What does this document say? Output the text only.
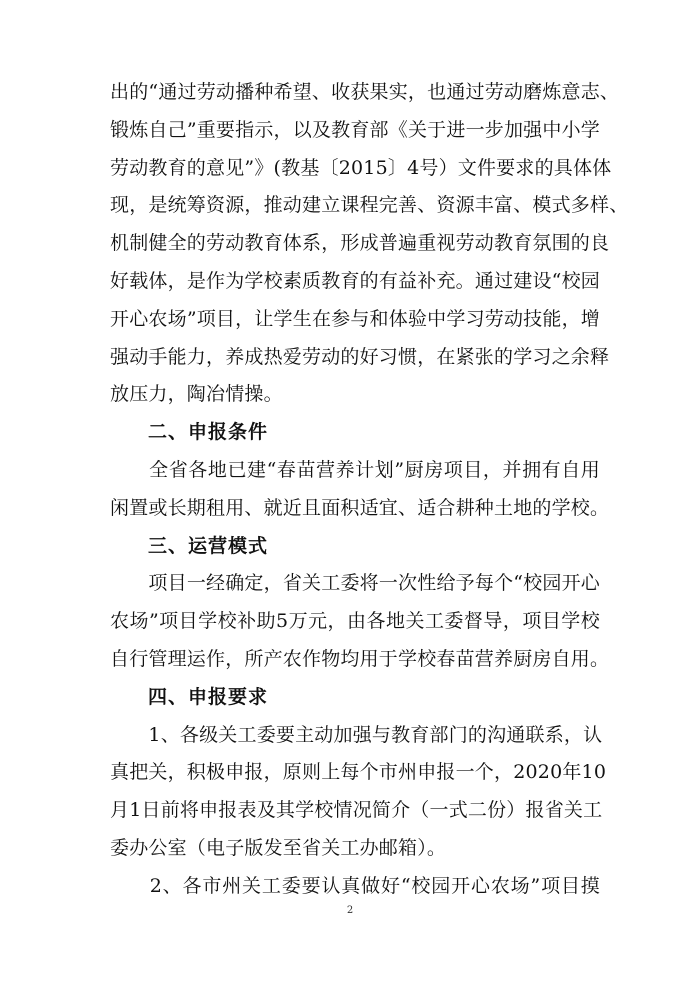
出的“通过劳动播种希望、收获果实，也通过劳动磨炼意志、
锻炼自己”重要指示，以及教育部《关于进一步加强中小学
劳动教育的意见”》(教基〔2015〕4号）文件要求的具体体
现，是统筹资源，推动建立课程完善、资源丰富、模式多样、
机制健全的劳动教育体系，形成普遍重视劳动教育氛围的良
好载体，是作为学校素质教育的有益补充。通过建设“校园
开心农场”项目，让学生在参与和体验中学习劳动技能，增
强动手能力，养成热爱劳动的好习惯，在紧张的学习之余释
放压力，陶冶情操。
二、申报条件
　　全省各地已建“春苗营养计划”厨房项目，并拥有自用
闲置或长期租用、就近且面积适宜、适合耕种土地的学校。
三、运营模式
　　项目一经确定，省关工委将一次性给予每个“校园开心
农场”项目学校补助5万元，由各地关工委督导，项目学校
自行管理运作，所产农作物均用于学校春苗营养厨房自用。
四、申报要求
　　1、各级关工委要主动加强与教育部门的沟通联系，认
真把关，积极申报，原则上每个市州申报一个，2020年10
月1日前将申报表及其学校情况简介（一式二份）报省关工
委办公室（电子版发至省关工办邮箱）。
　　2、各市州关工委要认真做好“校园开心农场”项目摸
2
